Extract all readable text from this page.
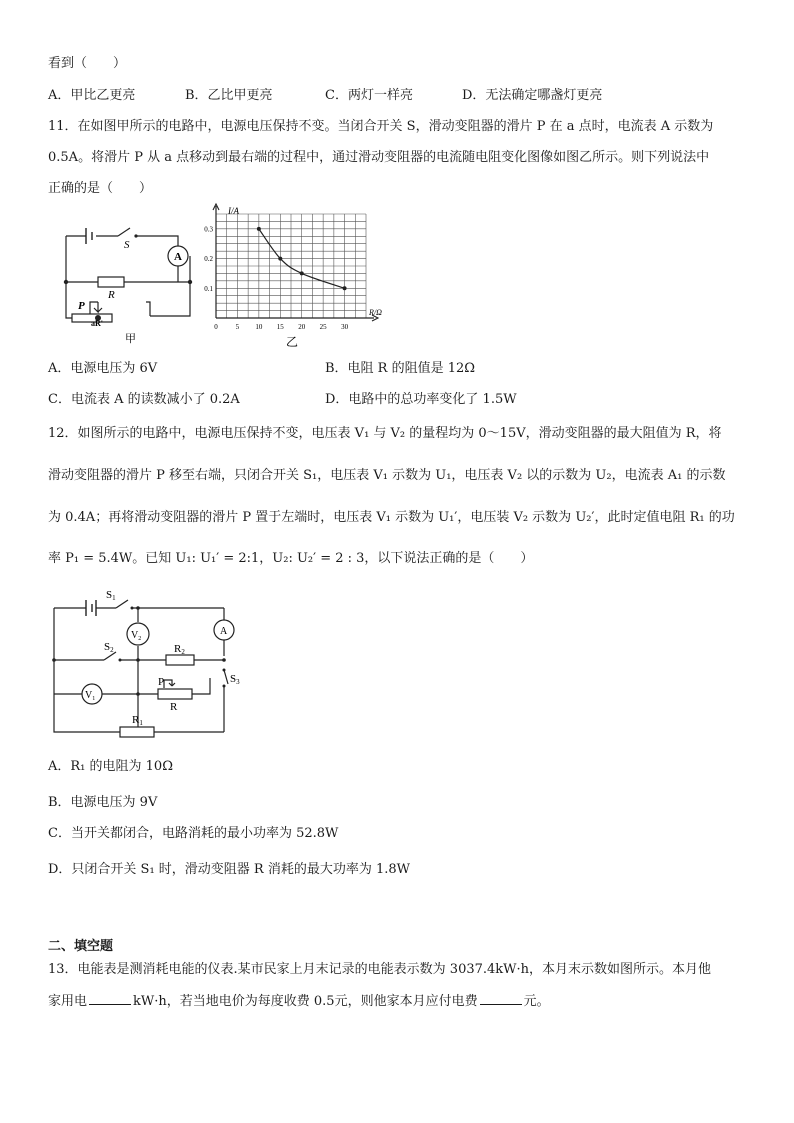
看到（　　）
A．甲比乙更亮	B．乙比甲更亮	C．两灯一样亮	D．无法确定哪盏灯更亮
11．在如图甲所示的电路中，电源电压保持不变。当闭合开关 S，滑动变阻器的滑片 P 在 a 点时，电流表 A 示数为
0.5A。将滑片 P 从 a 点移动到最右端的过程中，通过滑动变阻器的电流随电阻变化图像如图乙所示。则下列说法中
正确的是（　　）
S
A
R
P
aR'
甲
0	5 10 15 20 25 30
0.1
0.2
0.3
I/A
R/Ω
乙
A．电源电压为 6V	B．电阻 R 的阻值是 12Ω
C．电流表 A 的读数减小了 0.2A	D．电路中的总功率变化了 1.5W
12．如图所示的电路中，电源电压保持不变，电压表 V₁ 与 V₂ 的量程均为 0～15V，滑动变阻器的最大阻值为 R，将
滑动变阻器的滑片 P 移至右端，只闭合开关 S₁，电压表 V₁ 示数为 U₁，电压表 V₂ 以的示数为 U₂，电流表 A₁ 的示数
为 0.4A；再将滑动变阻器的滑片 P 置于左端时，电压表 V₁ 示数为 U₁′，电压装 V₂ 示数为 U₂′，此时定值电阻 R₁ 的功
率 P₁ = 5.4W。已知 U₁: U₁′ = 2:1，U₂: U₂′ = 2 : 3，以下说法正确的是（　　）
S1
S2
S3
$V_2$
$V_1$
A
R2
R1
R
P
A．R₁ 的电阻为 10Ω
B．电源电压为 9V
C．当开关都闭合，电路消耗的最小功率为 52.8W
D．只闭合开关 S₁ 时，滑动变阻器 R 消耗的最大功率为 1.8W
二、填空题
13．电能表是测消耗电能的仪表.某市民家上月末记录的电能表示数为 3037.4kW·h，本月末示数如图所示。本月他
家用电	kW·h，若当地电价为每度收费 0.5元，则他家本月应付电费	元。
